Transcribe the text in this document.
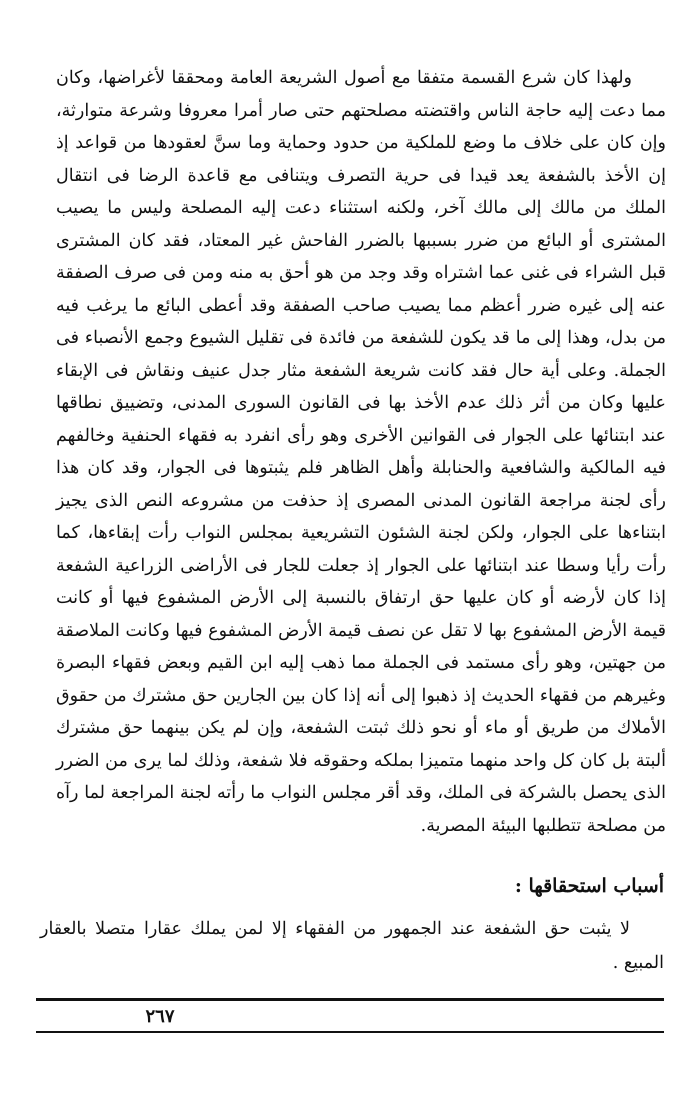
ولهذا كان شرع القسمة متفقا مع أصول الشريعة العامة ومحققا لأغراضها، وكان مما دعت إليه حاجة الناس واقتضته مصلحتهم حتى صار أمرا معروفا وشرعة متوارثة، وإن كان على خلاف ما وضع للملكية من حدود وحماية وما سنَّ لعقودها من قواعد إذ إن الأخذ بالشفعة يعد قيدا فى حرية التصرف ويتنافى مع قاعدة الرضا فى انتقال الملك من مالك إلى مالك آخر، ولكنه استثناء دعت إليه المصلحة وليس ما يصيب المشترى أو البائع من ضرر بسببها بالضرر الفاحش غير المعتاد، فقد كان المشترى قبل الشراء فى غنى عما اشتراه وقد وجد من هو أحق به منه ومن فى صرف الصفقة عنه إلى غيره ضرر أعظم مما يصيب صاحب الصفقة وقد أعطى البائع ما يرغب فيه من بدل، وهذا إلى ما قد يكون للشفعة من فائدة فى تقليل الشيوع وجمع الأنصباء فى الجملة. وعلى أية حال فقد كانت شريعة الشفعة مثار جدل عنيف ونقاش فى الإبقاء عليها وكان من أثر ذلك عدم الأخذ بها فى القانون السورى المدنى، وتضييق نطاقها عند ابتنائها على الجوار فى القوانين الأخرى وهو رأى انفرد به فقهاء الحنفية وخالفهم فيه المالكية والشافعية والحنابلة وأهل الظاهر فلم يثبتوها فى الجوار، وقد كان هذا رأى لجنة مراجعة القانون المدنى المصرى إذ حذفت من مشروعه النص الذى يجيز ابتناءها على الجوار، ولكن لجنة الشئون التشريعية بمجلس النواب رأت إبقاءها، كما رأت رأيا وسطا عند ابتنائها على الجوار إذ جعلت للجار فى الأراضى الزراعية الشفعة إذا كان لأرضه أو كان عليها حق ارتفاق بالنسبة إلى الأرض المشفوع فيها أو كانت قيمة الأرض المشفوع بها لا تقل عن نصف قيمة الأرض المشفوع فيها وكانت الملاصقة من جهتين، وهو رأى مستمد فى الجملة مما ذهب إليه ابن القيم وبعض فقهاء البصرة وغيرهم من فقهاء الحديث إذ ذهبوا إلى أنه إذا كان بين الجارين حق مشترك من حقوق الأملاك من طريق أو ماء أو نحو ذلك ثبتت الشفعة، وإن لم يكن بينهما حق مشترك ألبتة بل كان كل واحد منهما متميزا بملكه وحقوقه فلا شفعة، وذلك لما يرى من الضرر الذى يحصل بالشركة فى الملك، وقد أقر مجلس النواب ما رأته لجنة المراجعة لما رآه من مصلحة تتطلبها البيئة المصرية.

أسباب استحقاقها :

لا يثبت حق الشفعة عند الجمهور من الفقهاء إلا لمن يملك عقارا متصلا بالعقار المبيع .

٢٦٧
